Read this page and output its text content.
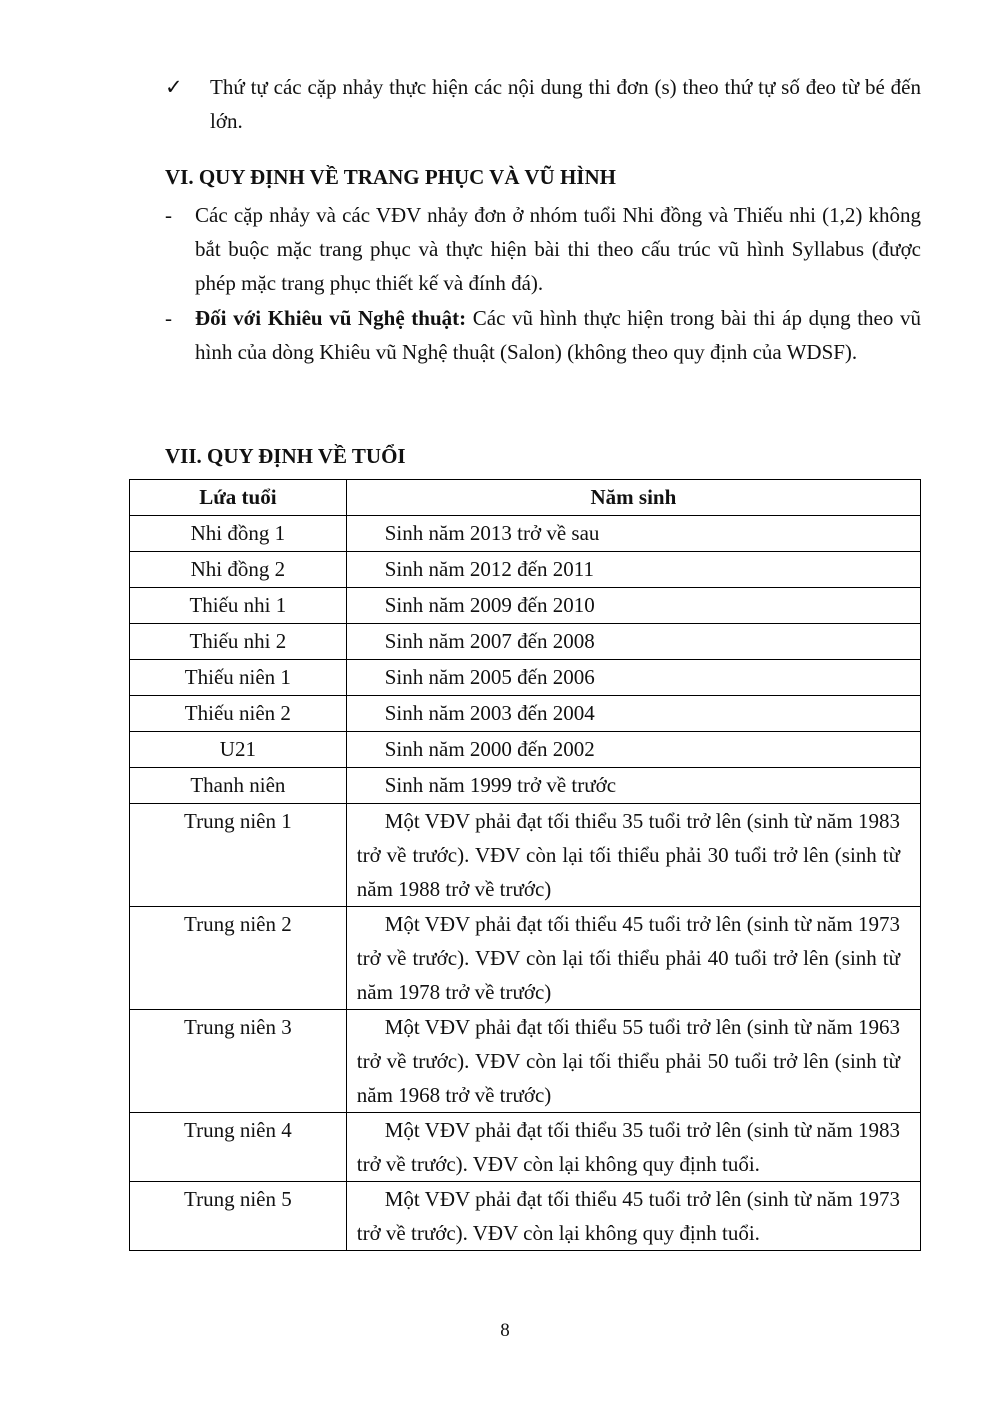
✓	Thứ tự các cặp nhảy thực hiện các nội dung thi đơn (s) theo thứ tự số đeo từ bé đến lớn.
VI. QUY ĐỊNH VỀ TRANG PHỤC VÀ VŨ HÌNH
- Các cặp nhảy và các VĐV nhảy đơn ở nhóm tuổi Nhi đồng và Thiếu nhi (1,2) không bắt buộc mặc trang phục và thực hiện bài thi theo cấu trúc vũ hình Syllabus (được phép mặc trang phục thiết kế và đính đá).
- Đối với Khiêu vũ Nghệ thuật: Các vũ hình thực hiện trong bài thi áp dụng theo vũ hình của dòng Khiêu vũ Nghệ thuật (Salon) (không theo quy định của WDSF).
VII. QUY ĐỊNH VỀ TUỔI
Lứa tuổi	Năm sinh
Nhi đồng 1	Sinh năm 2013 trở về sau
Nhi đồng 2	Sinh năm 2012 đến 2011
Thiếu nhi 1	Sinh năm 2009 đến 2010
Thiếu nhi 2	Sinh năm 2007 đến 2008
Thiếu niên 1	Sinh năm 2005 đến 2006
Thiếu niên 2	Sinh năm 2003 đến 2004
U21	Sinh năm 2000 đến 2002
Thanh niên	Sinh năm 1999 trở về trước
Trung niên 1	Một VĐV phải đạt tối thiểu 35 tuổi trở lên (sinh từ năm 1983 trở về trước). VĐV còn lại tối thiểu phải 30 tuổi trở lên (sinh từ năm 1988 trở về trước)
Trung niên 2	Một VĐV phải đạt tối thiểu 45 tuổi trở lên (sinh từ năm 1973 trở về trước). VĐV còn lại tối thiểu phải 40 tuổi trở lên (sinh từ năm 1978 trở về trước)
Trung niên 3	Một VĐV phải đạt tối thiểu 55 tuổi trở lên (sinh từ năm 1963 trở về trước). VĐV còn lại tối thiểu phải 50 tuổi trở lên (sinh từ năm 1968 trở về trước)
Trung niên 4	Một VĐV phải đạt tối thiểu 35 tuổi trở lên (sinh từ năm 1983 trở về trước). VĐV còn lại không quy định tuổi.
Trung niên 5	Một VĐV phải đạt tối thiểu 45 tuổi trở lên (sinh từ năm 1973 trở về trước). VĐV còn lại không quy định tuổi.
8
